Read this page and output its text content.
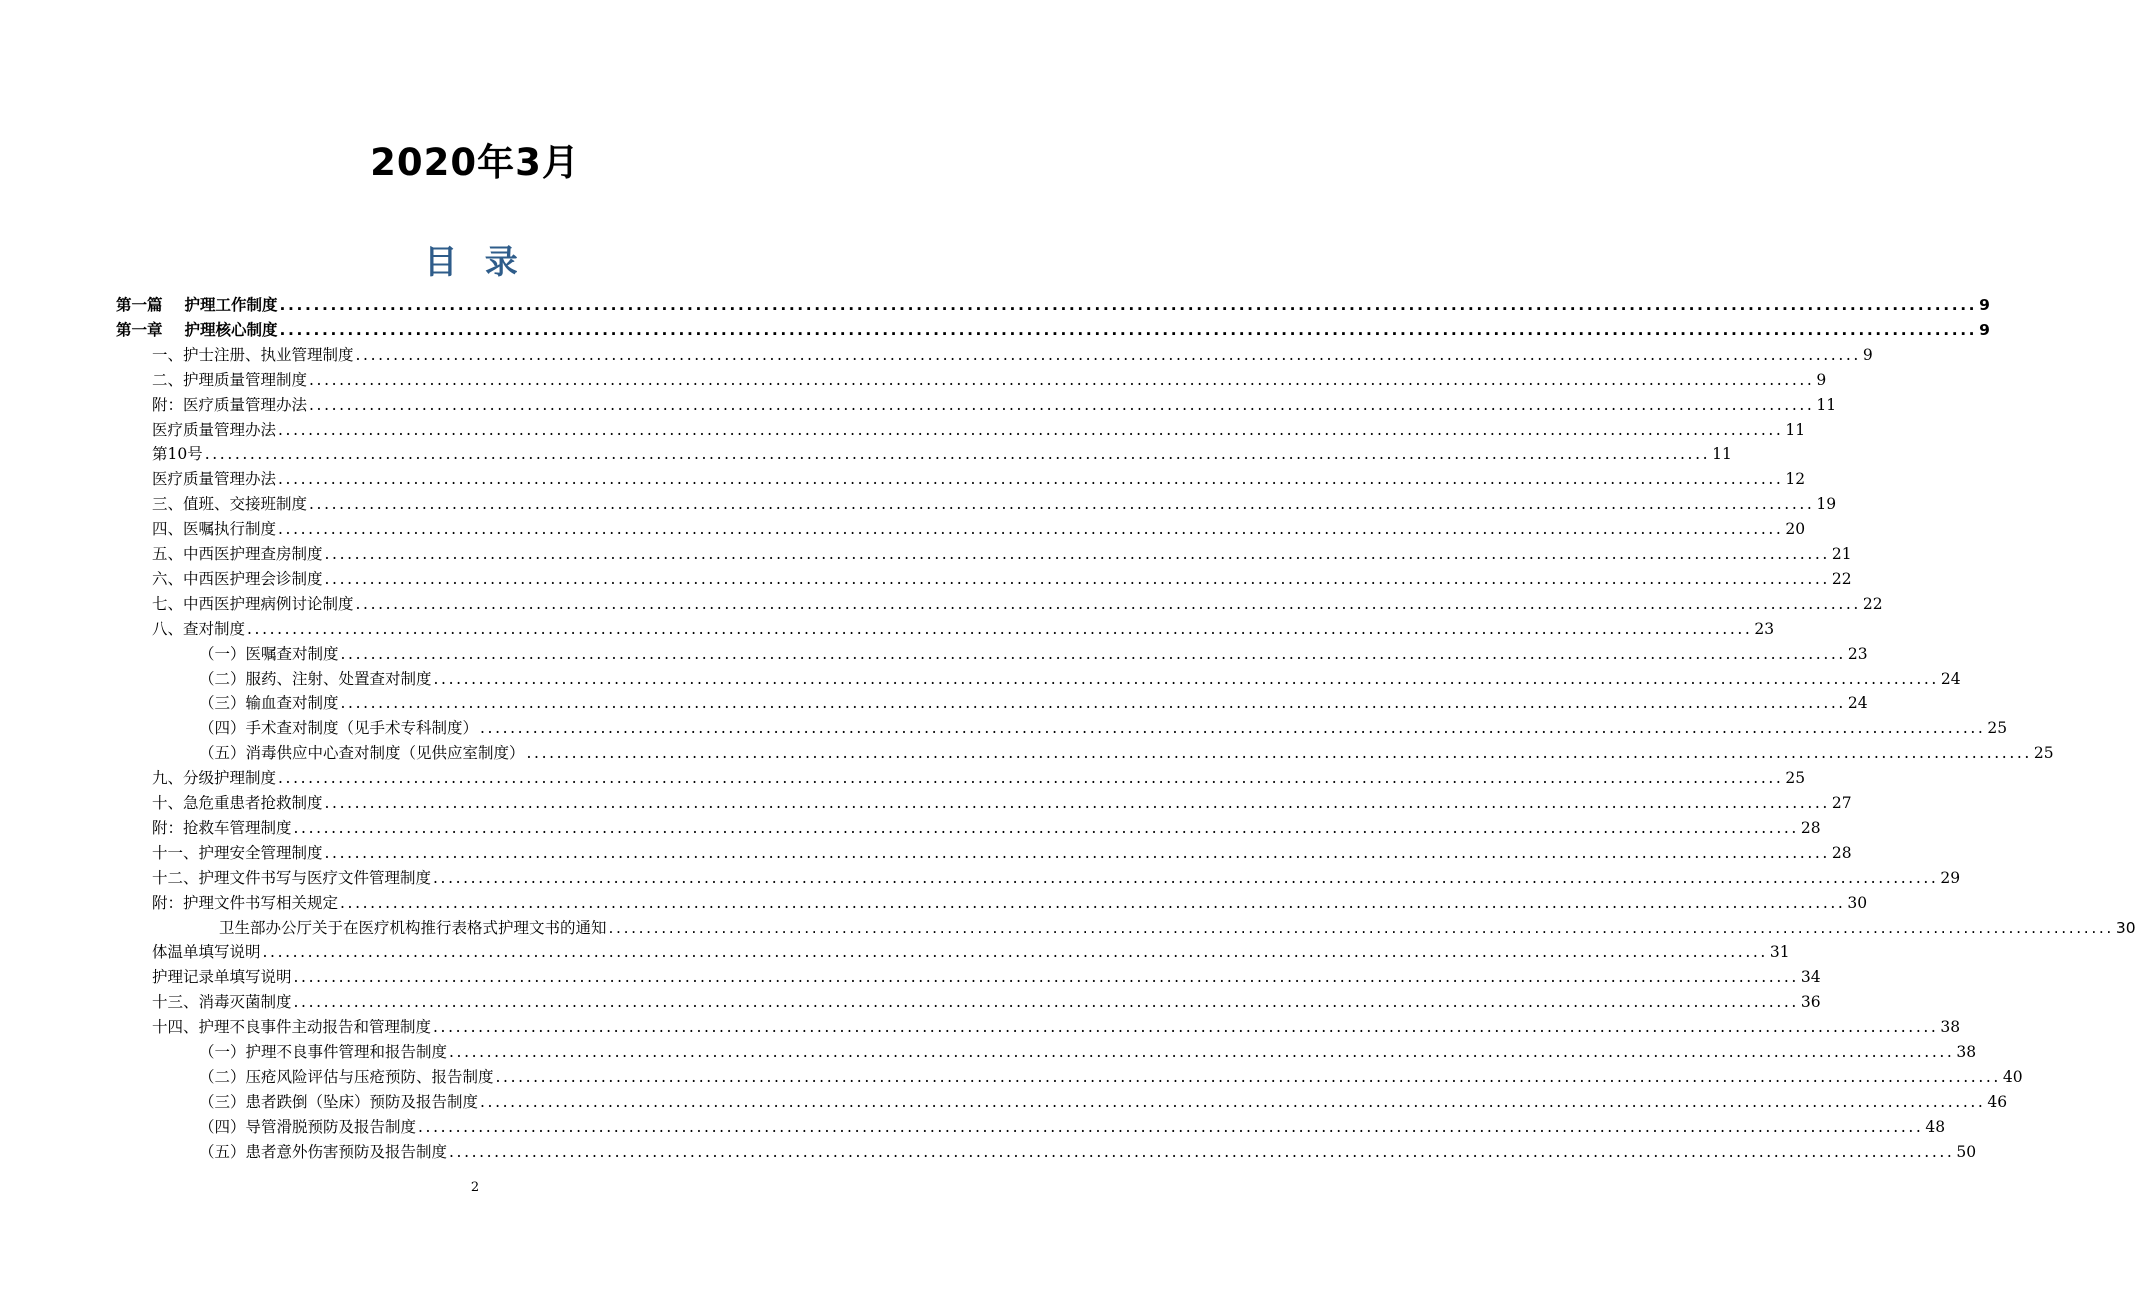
2020年3月
目 录
第一篇 护理工作制度 ........................................................................................................................................................................................................ 9
第一章 护理核心制度 ........................................................................................................................................................................................................ 9
一、护士注册、执业管理制度 ........................................................................................................................................................................................................ 9
二、护理质量管理制度 ........................................................................................................................................................................................................ 9
附：医疗质量管理办法 ........................................................................................................................................................................................................ 11
医疗质量管理办法 ........................................................................................................................................................................................................ 11
第10号 ........................................................................................................................................................................................................ 11
医疗质量管理办法 ........................................................................................................................................................................................................ 12
三、值班、交接班制度 ........................................................................................................................................................................................................ 19
四、医嘱执行制度 ........................................................................................................................................................................................................ 20
五、中西医护理查房制度 ........................................................................................................................................................................................................ 21
六、中西医护理会诊制度 ........................................................................................................................................................................................................ 22
七、中西医护理病例讨论制度 ........................................................................................................................................................................................................ 22
八、查对制度 ........................................................................................................................................................................................................ 23
（一）医嘱查对制度 ........................................................................................................................................................................................................ 23
（二）服药、注射、处置查对制度 ........................................................................................................................................................................................................ 24
（三）输血查对制度 ........................................................................................................................................................................................................ 24
（四）手术查对制度（见手术专科制度） ........................................................................................................................................................................................................ 25
（五）消毒供应中心查对制度（见供应室制度） ........................................................................................................................................................................................................ 25
九、分级护理制度 ........................................................................................................................................................................................................ 25
十、急危重患者抢救制度 ........................................................................................................................................................................................................ 27
附：抢救车管理制度 ........................................................................................................................................................................................................ 28
十一、护理安全管理制度 ........................................................................................................................................................................................................ 28
十二、护理文件书写与医疗文件管理制度 ........................................................................................................................................................................................................ 29
附：护理文件书写相关规定 ........................................................................................................................................................................................................ 30
卫生部办公厅关于在医疗机构推行表格式护理文书的通知 ........................................................................................................................................................................................................ 30
体温单填写说明 ........................................................................................................................................................................................................ 31
护理记录单填写说明 ........................................................................................................................................................................................................ 34
十三、消毒灭菌制度 ........................................................................................................................................................................................................ 36
十四、护理不良事件主动报告和管理制度 ........................................................................................................................................................................................................ 38
（一）护理不良事件管理和报告制度 ........................................................................................................................................................................................................ 38
（二）压疮风险评估与压疮预防、报告制度 ........................................................................................................................................................................................................ 40
（三）患者跌倒（坠床）预防及报告制度 ........................................................................................................................................................................................................ 46
（四）导管滑脱预防及报告制度 ........................................................................................................................................................................................................ 48
（五）患者意外伤害预防及报告制度 ........................................................................................................................................................................................................ 50
2
